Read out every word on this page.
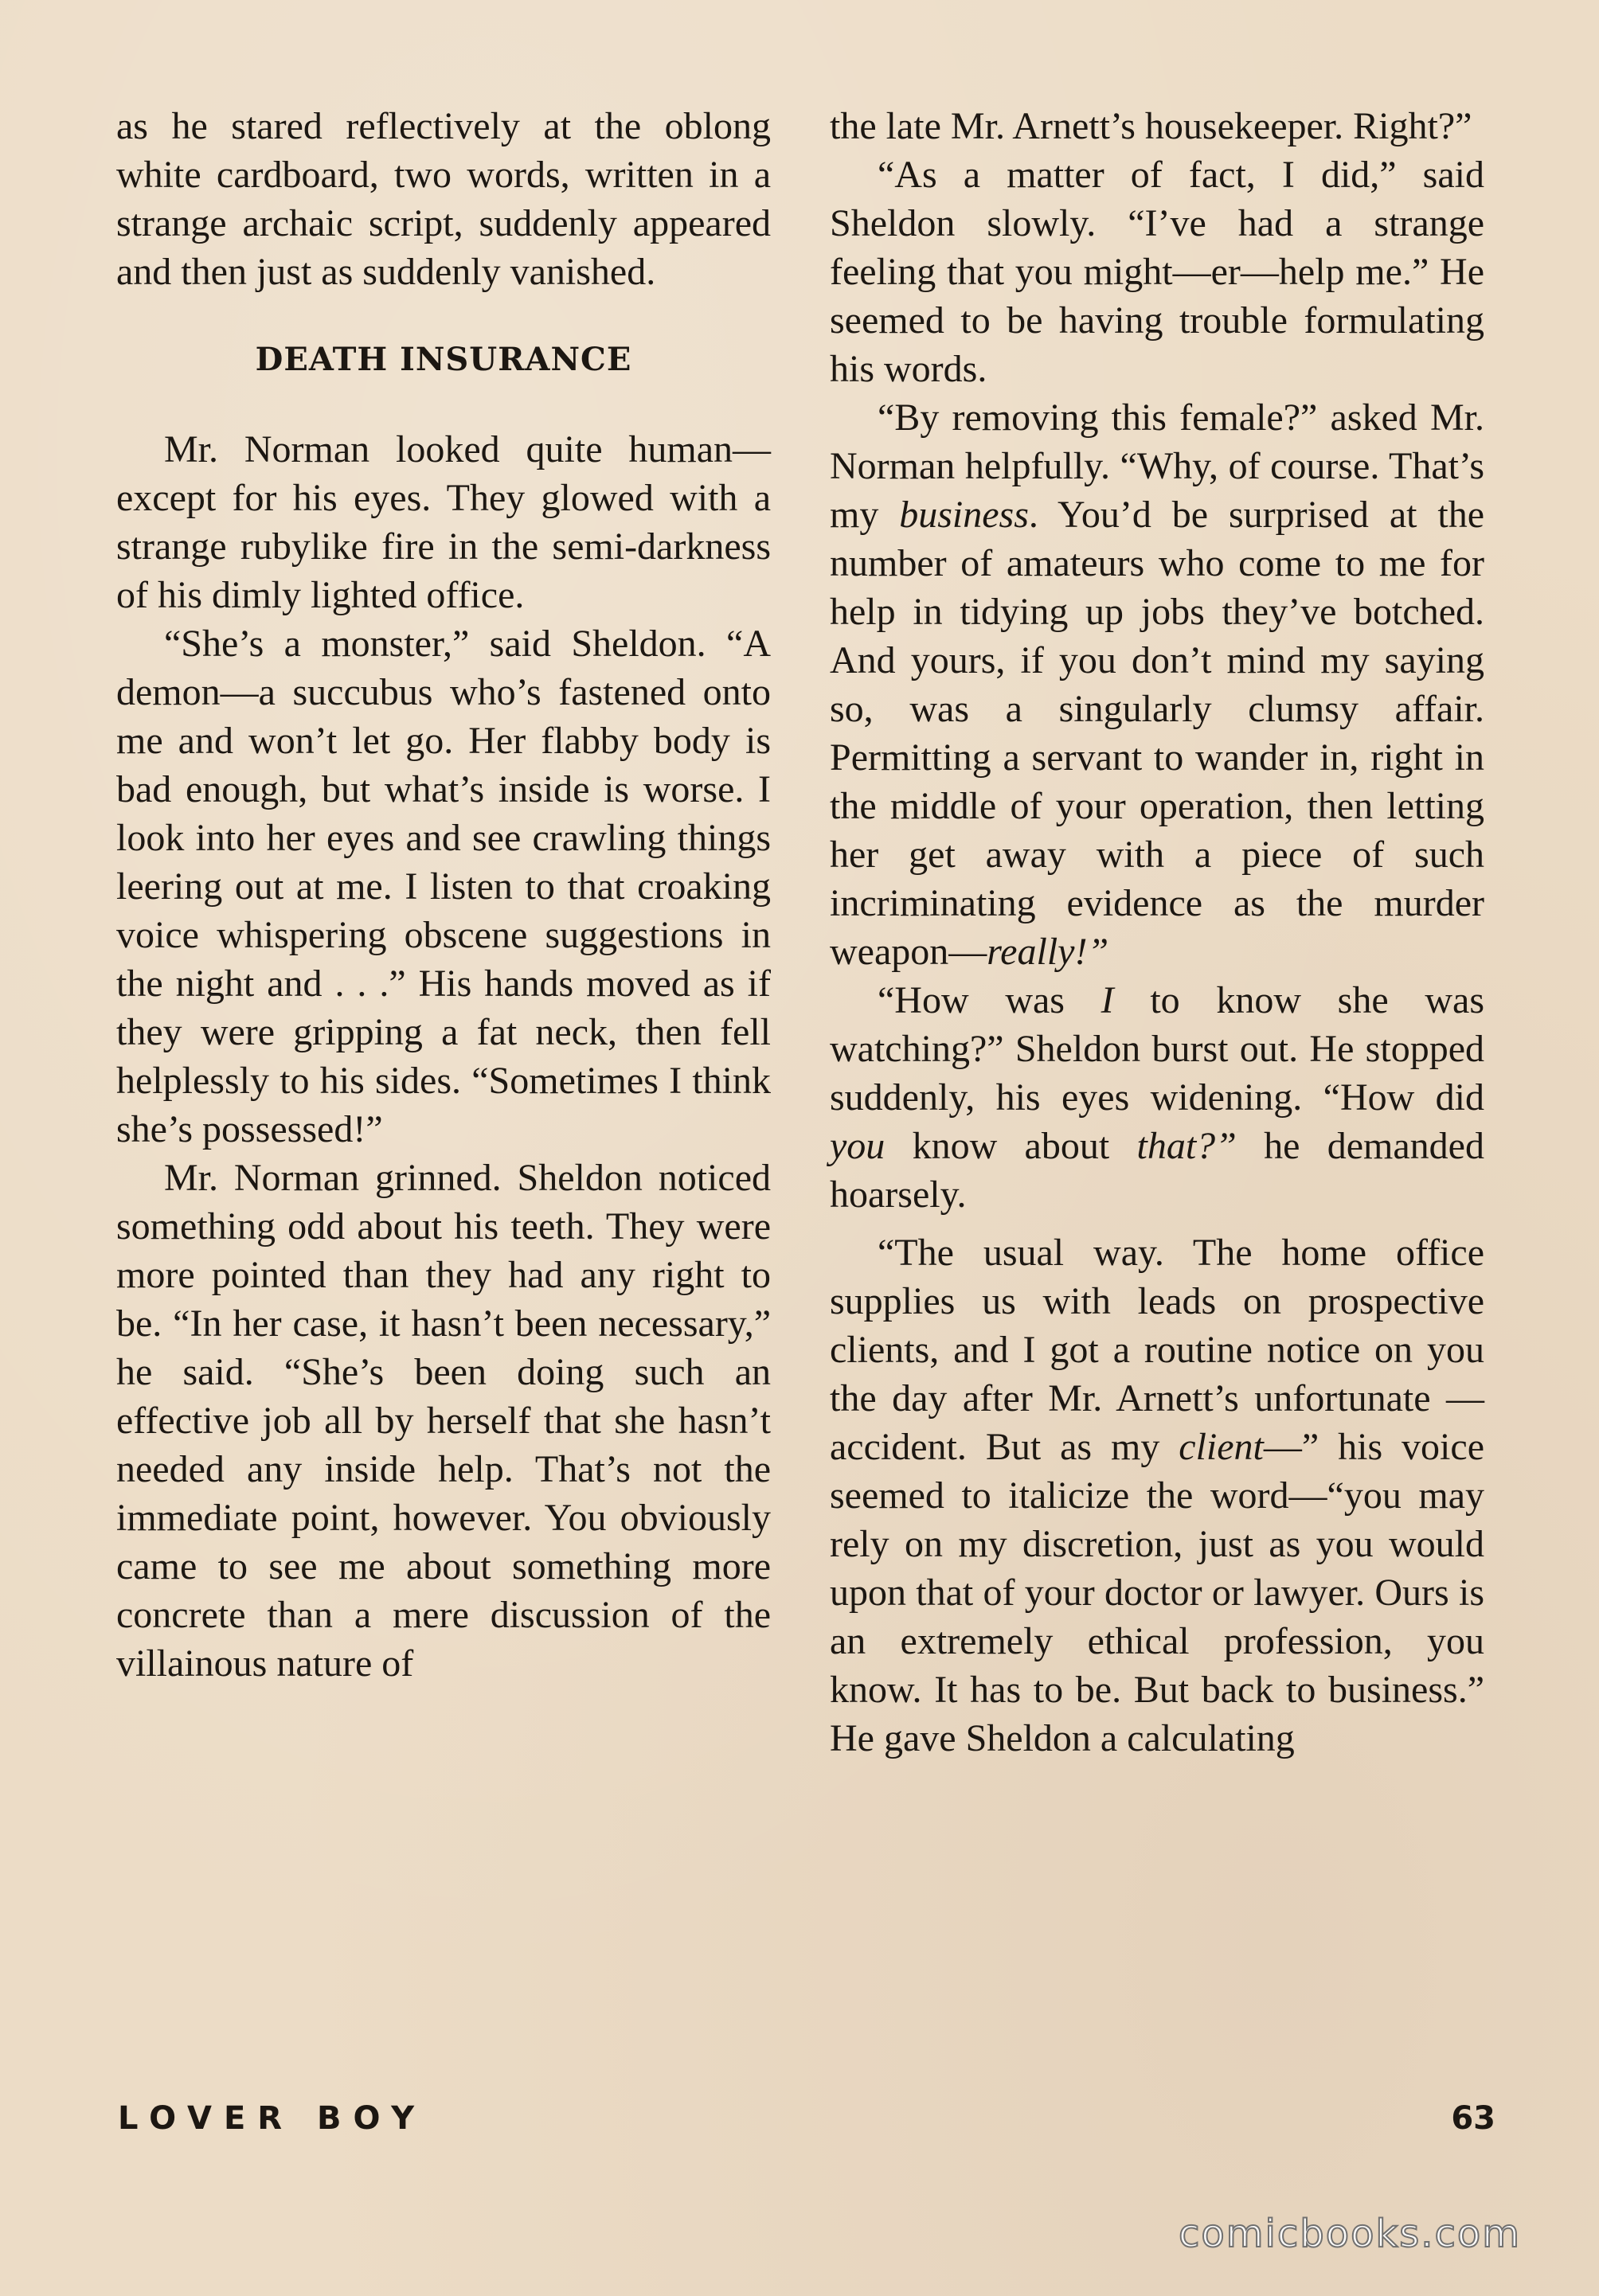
as he stared reflectively at the oblong white cardboard, two words, written in a strange archaic script, suddenly appeared and then just as suddenly vanished.

DEATH INSURANCE

Mr. Norman looked quite human—except for his eyes. They glowed with a strange rubylike fire in the semi-darkness of his dimly lighted office.

“She’s a monster,” said Sheldon. “A demon—a succubus who’s fastened onto me and won’t let go. Her flabby body is bad enough, but what’s inside is worse. I look into her eyes and see crawling things leering out at me. I listen to that croaking voice whispering obscene suggestions in the night and . . .” His hands moved as if they were gripping a fat neck, then fell helplessly to his sides. “Sometimes I think she’s possessed!”

Mr. Norman grinned. Sheldon noticed something odd about his teeth. They were more pointed than they had any right to be. “In her case, it hasn’t been necessary,” he said. “She’s been doing such an effective job all by herself that she hasn’t needed any inside help. That’s not the immediate point, however. You obviously came to see me about something more concrete than a mere discussion of the villainous nature of

the late Mr. Arnett’s housekeeper. Right?”

“As a matter of fact, I did,” said Sheldon slowly. “I’ve had a strange feeling that you might—er—help me.” He seemed to be having trouble formulating his words.

“By removing this female?” asked Mr. Norman helpfully. “Why, of course. That’s my business. You’d be surprised at the number of amateurs who come to me for help in tidying up jobs they’ve botched. And yours, if you don’t mind my saying so, was a singularly clumsy affair. Permitting a servant to wander in, right in the middle of your operation, then letting her get away with a piece of such incriminating evidence as the murder weapon—really!”

“How was I to know she was watching?” Sheldon burst out. He stopped suddenly, his eyes widening. “How did you know about that?” he demanded hoarsely.

“The usual way. The home office supplies us with leads on prospective clients, and I got a routine notice on you the day after Mr. Arnett’s unfortunate — accident. But as my client—” his voice seemed to italicize the word—“you may rely on my discretion, just as you would upon that of your doctor or lawyer. Ours is an extremely ethical profession, you know. It has to be. But back to business.” He gave Sheldon a calculating

LOVER BOY	63
comicbooks.com
